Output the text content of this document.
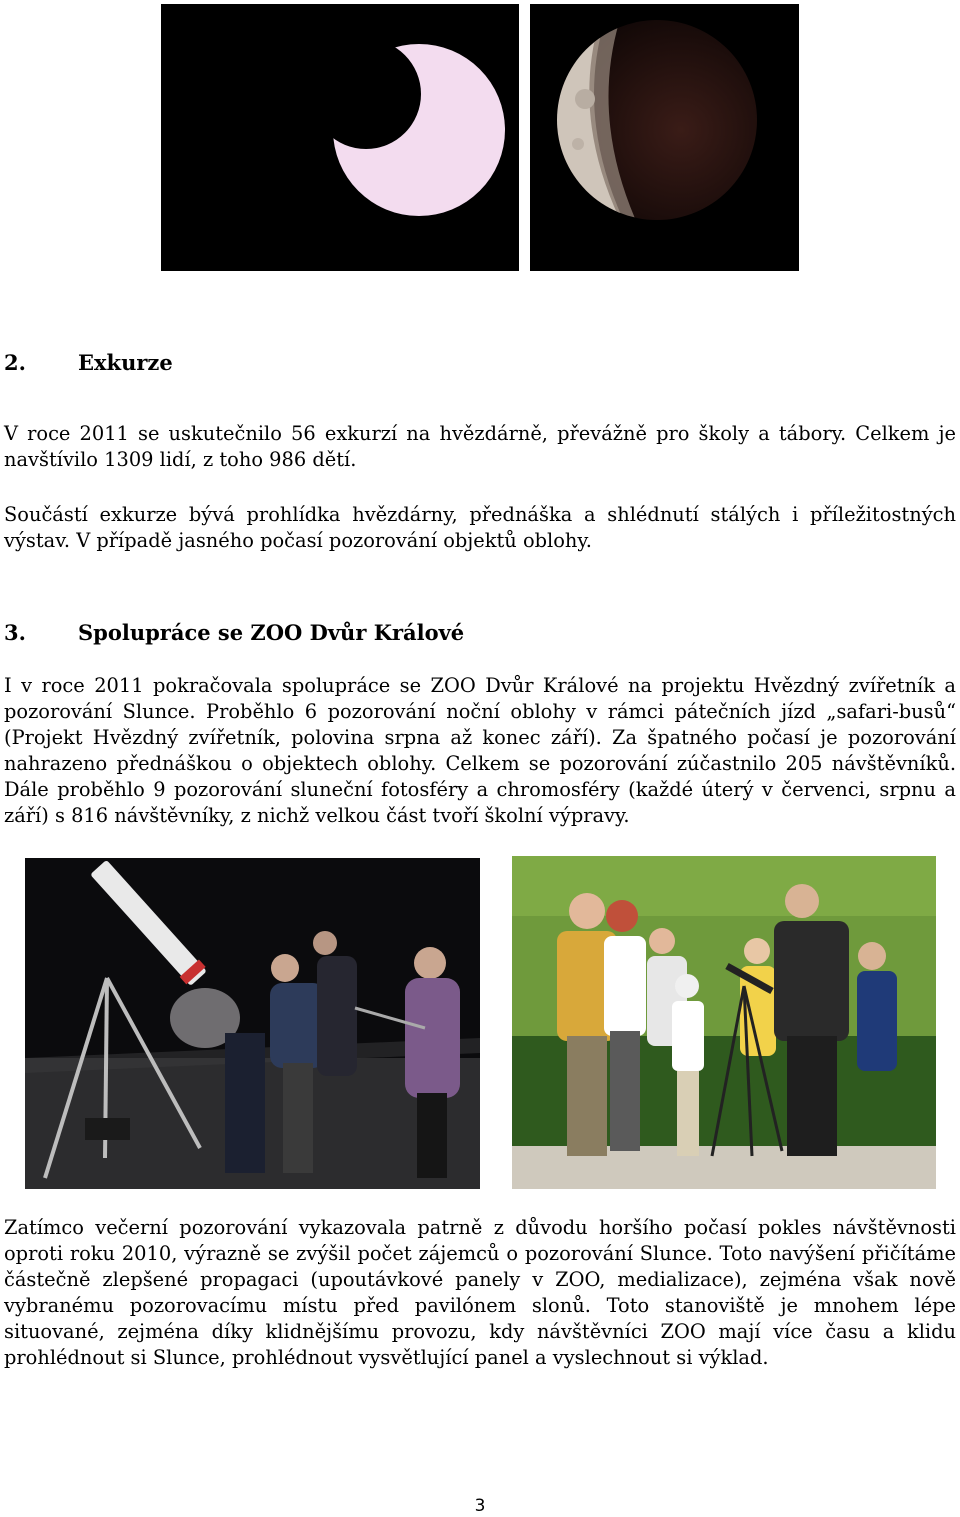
2. Exkurze

V roce 2011 se uskutečnilo 56 exkurzí na hvězdárně, převážně pro školy a tábory. Celkem je navštívilo 1309 lidí, z toho 986 dětí.

Součástí exkurze bývá prohlídka hvězdárny, přednáška a shlédnutí stálých i příležitostných výstav. V případě jasného počasí pozorování objektů oblohy.

3. Spolupráce se ZOO Dvůr Králové

I v roce 2011 pokračovala spolupráce se ZOO Dvůr Králové na projektu Hvězdný zvířetník a pozorování Slunce. Proběhlo 6 pozorování noční oblohy v rámci pátečních jízd „safari-busů“ (Projekt Hvězdný zvířetník, polovina srpna až konec září). Za špatného počasí je pozorování nahrazeno přednáškou o objektech oblohy. Celkem se pozorování zúčastnilo 205 návštěvníků. Dále proběhlo 9 pozorování sluneční fotosféry a chromosféry (každé úterý v červenci, srpnu a září) s 816 návštěvníky, z nichž velkou část tvoří školní výpravy.

Zatímco večerní pozorování vykazovala patrně z důvodu horšího počasí pokles návštěvnosti oproti roku 2010, výrazně se zvýšil počet zájemců o pozorování Slunce. Toto navýšení přičítáme částečně zlepšené propagaci (upoutávkové panely v ZOO, medializace), zejména však nově vybranému pozorovacímu místu před pavilónem slonů. Toto stanoviště je mnohem lépe situované, zejména díky klidnějšímu provozu, kdy návštěvníci ZOO mají více času a klidu prohlédnout si Slunce, prohlédnout vysvětlující panel a vyslechnout si výklad.

3
